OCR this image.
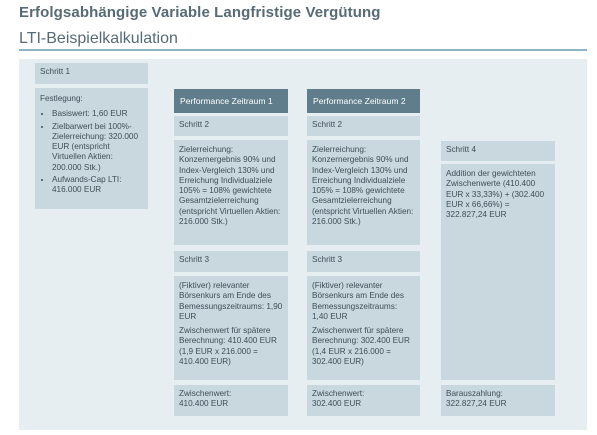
Erfolgsabhängige Variable Langfristige Vergütung
LTI-Beispielkalkulation
Schritt 1
Festlegung:
• Basiswert: 1,60 EUR
• Zielbarwert bei 100%-Zielerreichung: 320.000 EUR (entspricht Virtuellen Aktien: 200.000 Stk.)
• Aufwands-Cap LTI: 416.000 EUR
Performance Zeitraum 1
Schritt 2
Zielerreichung: Konzernergebnis 90% und Index-Vergleich 130% und Erreichung Individualziele 105% = 108% gewichtete Gesamtzielerreichung (entspricht Virtuellen Aktien: 216.000 Stk.)
Schritt 3

(Fiktiver) relevanter Börsenkurs am Ende des Bemessungszeitraums: 1,90 EUR

Zwischenwert für spätere Berechnung: 410.400 EUR (1,9 EUR x 216.000 = 410.400 EUR)

Zwischenwert:
410.400 EUR
Performance Zeitraum 2
Schritt 2
Zielerreichung: Konzernergebnis 90% und Index-Vergleich 130% und Erreichung Individualziele 105% = 108% gewichtete Gesamtzielerreichung (entspricht Virtuellen Aktien: 216.000 Stk.)
Schritt 3

(Fiktiver) relevanter Börsenkurs am Ende des Bemessungszeitraums: 1,40 EUR

Zwischenwert für spätere Berechnung: 302.400 EUR (1,4 EUR x 216.000 = 302.400 EUR)

Zwischenwert:
302.400 EUR
Schritt 4
Addition der gewichteten Zwischenwerte (410.400 EUR x 33,33%) + (302.400 EUR x 66,66%) = 322.827,24 EUR
Barauszahlung:
322.827,24 EUR
